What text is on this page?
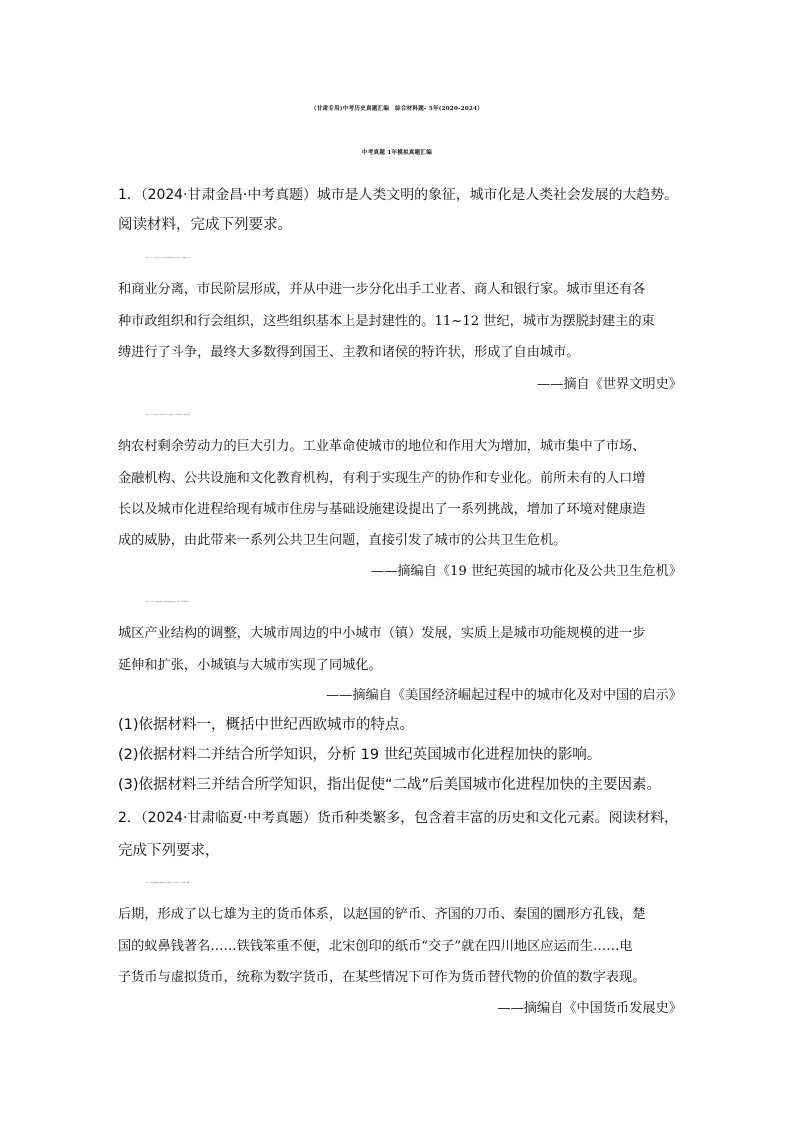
（甘肃专用)中考历史真题汇编　综合材料题- 5年(2020-2024）
中考真题 1年模拟真题汇编
1．（2024·甘肃金昌·中考真题）城市是人类文明的象征，城市化是人类社会发展的大趋势。
阅读材料，完成下列要求。
材料一 10~11 世纪时，作为工商业中心的城市逐渐兴起，随着生产力的发展，手工业
和商业分离，市民阶层形成，并从中进一步分化出手工业者、商人和银行家。城市里还有各
种市政组织和行会组织，这些组织基本上是封建性的。11~12 世纪，城市为摆脱封建主的束
缚进行了斗争，最终大多数得到国王、主教和诸侯的特许状，形成了自由城市。
——摘自《世界文明史》
材料二在 19 世纪英国，日渐深入的工业化进程改变了人口的地理分布，城市形成吸
纳农村剩余劳动力的巨大引力。工业革命使城市的地位和作用大为增加，城市集中了市场、
金融机构、公共设施和文化教育机构，有利于实现生产的协作和专业化。前所未有的人口增
长以及城市化进程给现有城市住房与基础设施建设提出了一系列挑战，增加了环境对健康造
成的威胁，由此带来一系列公共卫生问题，直接引发了城市的公共卫生危机。
——摘编自《19 世纪英国的城市化及公共卫生危机》
材料三“二战”后，随着交通道路、通信等基础设施的改善，家庭汽车拥有量的增加，
城区产业结构的调整，大城市周边的中小城市（镇）发展，实质上是城市功能规模的进一步
延伸和扩张，小城镇与大城市实现了同城化。
——摘编自《美国经济崛起过程中的城市化及对中国的启示》
(1)依据材料一，概括中世纪西欧城市的特点。
(2)依据材料二并结合所学知识，分析 19 世纪英国城市化进程加快的影响。
(3)依据材料三并结合所学知识，指出促使“二战”后美国城市化进程加快的主要因素。
2．（2024·甘肃临夏·中考真题）货币种类繁多，包含着丰富的历史和文化元素。阅读材料，
完成下列要求，
材料一 从商朝仿制海贝出现铜贝开始，到战国后期，货币经历了千余年发展，战国
后期，形成了以七雄为主的货币体系，以赵国的铲币、齐国的刀币、秦国的圜形方孔钱，楚
国的蚁鼻钱著名……铁钱笨重不便，北宋创印的纸币“交子”就在四川地区应运而生……电
子货币与虚拟货币，统称为数字货币，在某些情况下可作为货币替代物的价值的数字表现。
——摘编自《中国货币发展史》
